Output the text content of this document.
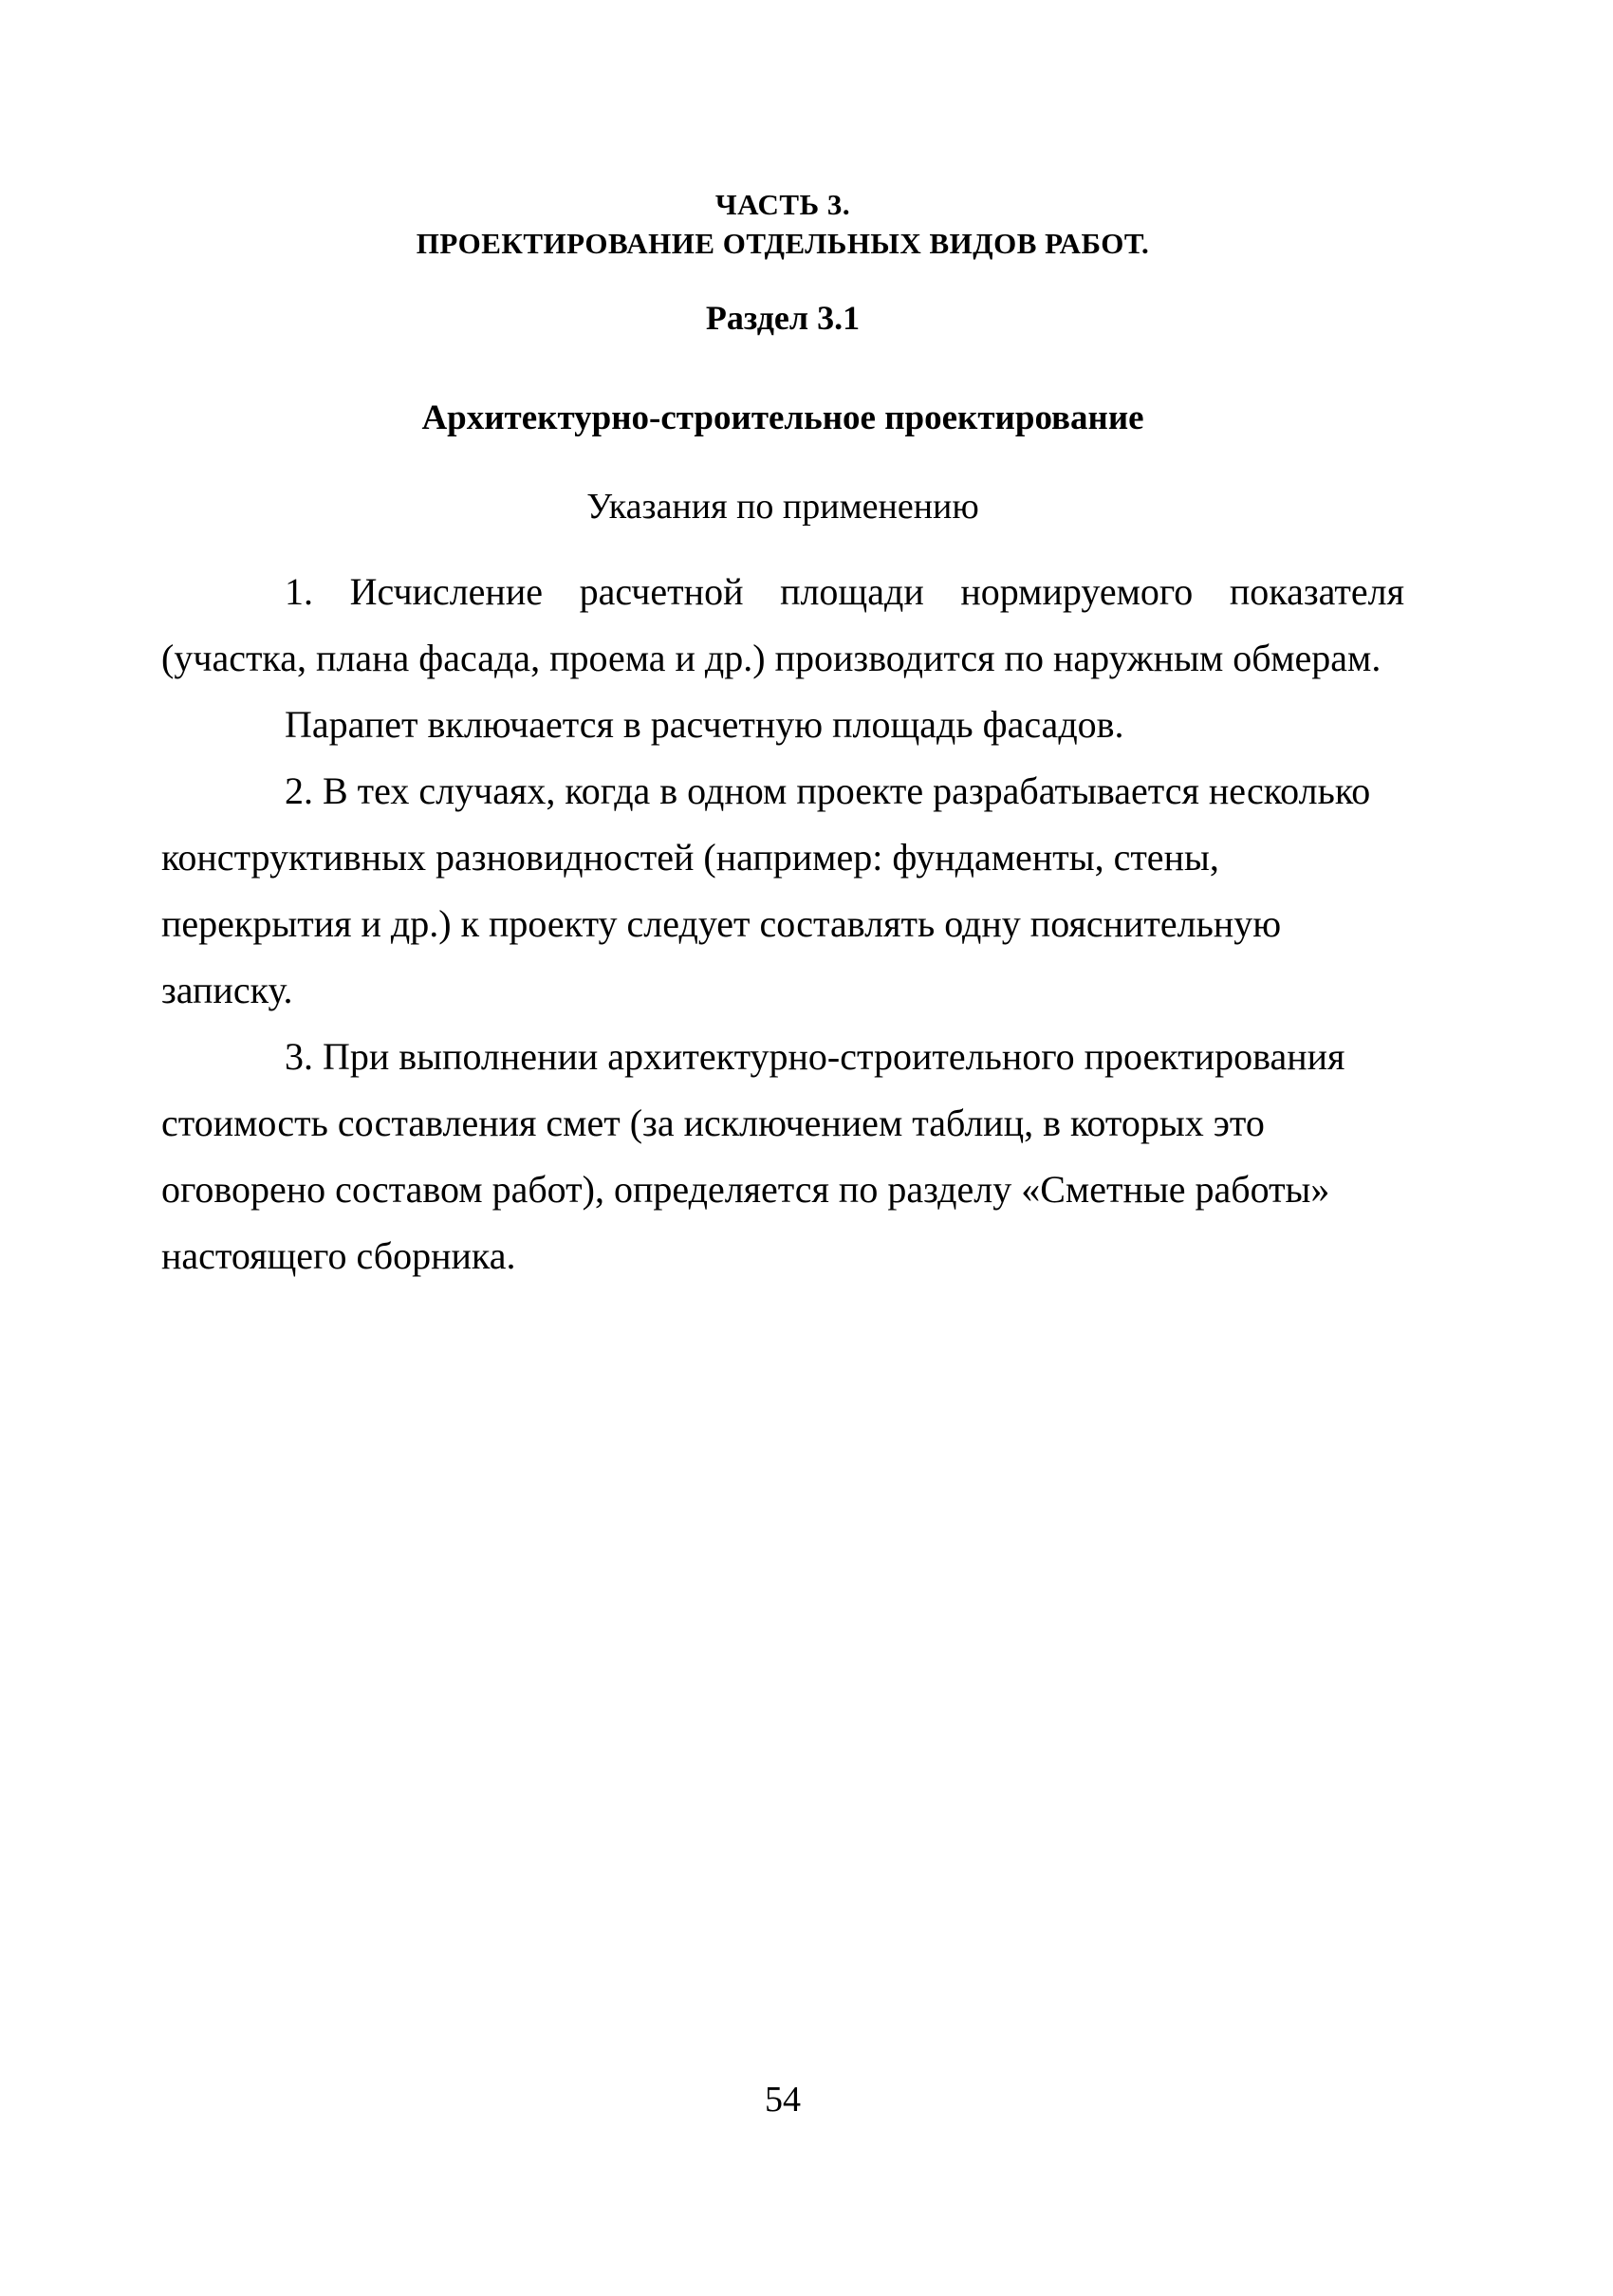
ЧАСТЬ 3.
ПРОЕКТИРОВАНИЕ ОТДЕЛЬНЫХ ВИДОВ РАБОТ.
Раздел 3.1
Архитектурно-строительное проектирование
Указания по применению
1. Исчисление расчетной площади нормируемого показателя
(участка, плана фасада, проема и др.) производится по наружным обмерам.
Парапет включается в расчетную площадь фасадов.
2. В тех случаях, когда в одном проекте разрабатывается несколько
конструктивных разновидностей (например: фундаменты, стены,
перекрытия и др.) к проекту следует составлять одну пояснительную
записку.
3. При выполнении архитектурно-строительного проектирования
стоимость составления смет (за исключением таблиц, в которых это
оговорено составом работ), определяется по разделу «Сметные работы»
настоящего сборника.
54
